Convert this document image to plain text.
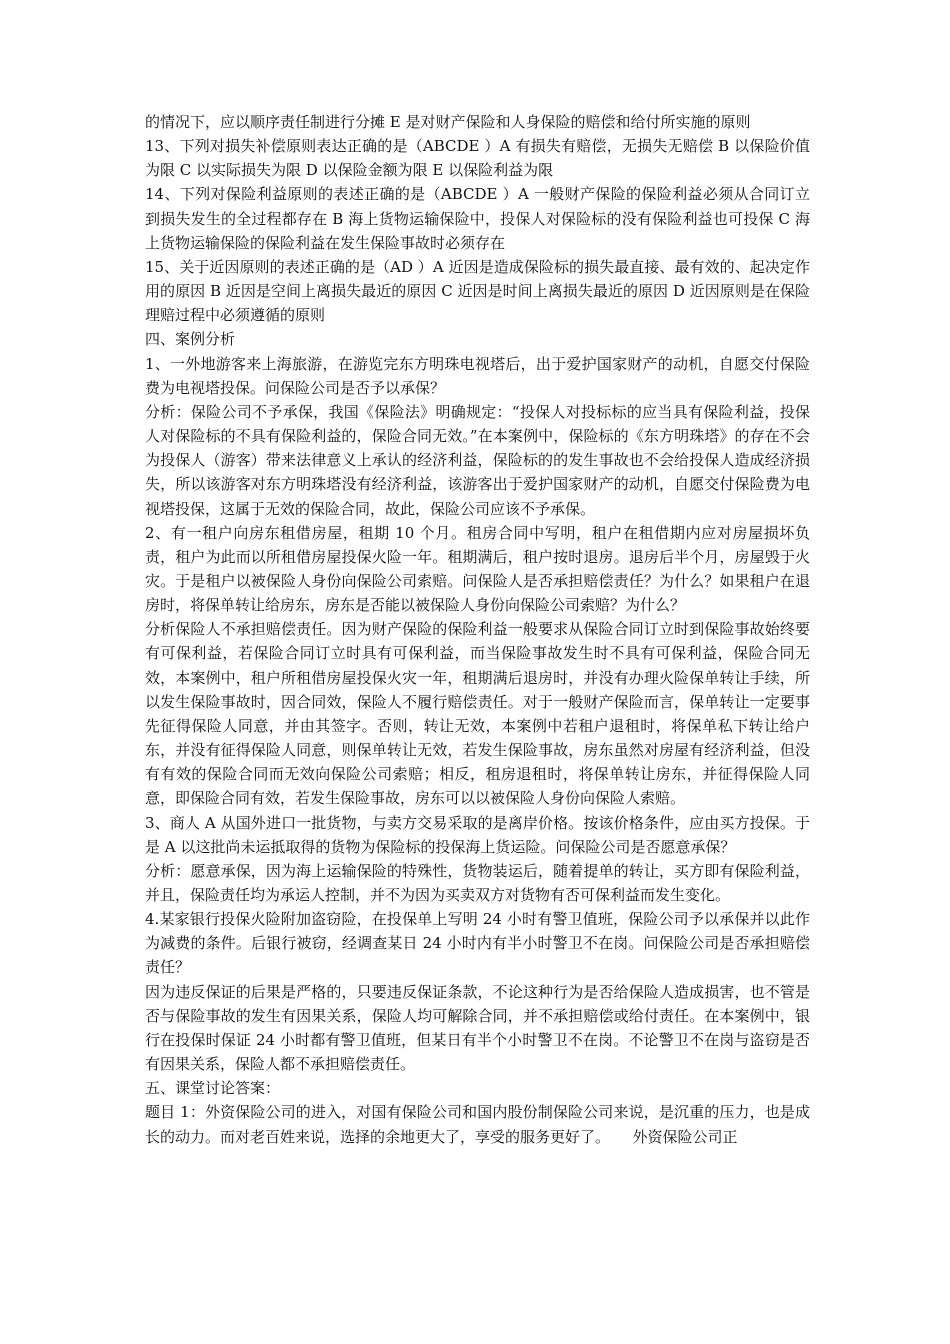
的情况下，应以顺序责任制进行分摊 E 是对财产保险和人身保险的赔偿和给付所实施的原则

13、下列对损失补偿原则表达正确的是（ABCDE ）A 有损失有赔偿，无损失无赔偿 B 以保险价值为限 C 以实际损失为限 D 以保险金额为限 E 以保险利益为限

14、下列对保险利益原则的表述正确的是（ABCDE ）A 一般财产保险的保险利益必须从合同订立到损失发生的全过程都存在 B 海上货物运输保险中，投保人对保险标的没有保险利益也可投保 C 海上货物运输保险的保险利益在发生保险事故时必须存在

15、关于近因原则的表述正确的是（AD ）A 近因是造成保险标的损失最直接、最有效的、起决定作用的原因 B 近因是空间上离损失最近的原因 C 近因是时间上离损失最近的原因 D 近因原则是在保险理赔过程中必须遵循的原则

四、案例分析

1、一外地游客来上海旅游，在游览完东方明珠电视塔后，出于爱护国家财产的动机，自愿交付保险费为电视塔投保。问保险公司是否予以承保？

分析：保险公司不予承保，我国《保险法》明确规定：“投保人对投标标的应当具有保险利益，投保人对保险标的不具有保险利益的，保险合同无效。”在本案例中，保险标的《东方明珠塔》的存在不会为投保人（游客）带来法律意义上承认的经济利益，保险标的的发生事故也不会给投保人造成经济损失，所以该游客对东方明珠塔没有经济利益，该游客出于爱护国家财产的动机，自愿交付保险费为电视塔投保，这属于无效的保险合同，故此，保险公司应该不予承保。

2、有一租户向房东租借房屋，租期 10 个月。租房合同中写明，租户在租借期内应对房屋损坏负责，租户为此而以所租借房屋投保火险一年。租期满后，租户按时退房。退房后半个月，房屋毁于火灾。于是租户以被保险人身份向保险公司索赔。问保险人是否承担赔偿责任？为什么？如果租户在退房时，将保单转让给房东，房东是否能以被保险人身份向保险公司索赔？为什么？

分析保险人不承担赔偿责任。因为财产保险的保险利益一般要求从保险合同订立时到保险事故始终要有可保利益，若保险合同订立时具有可保利益，而当保险事故发生时不具有可保利益，保险合同无效，本案例中，租户所租借房屋投保火灾一年，租期满后退房时，并没有办理火险保单转让手续，所以发生保险事故时，因合同效，保险人不履行赔偿责任。对于一般财产保险而言，保单转让一定要事先征得保险人同意，并由其签字。否则，转让无效，本案例中若租户退租时，将保单私下转让给户东，并没有征得保险人同意，则保单转让无效，若发生保险事故，房东虽然对房屋有经济利益，但没有有效的保险合同而无效向保险公司索赔；相反，租房退租时，将保单转让房东，并征得保险人同意，即保险合同有效，若发生保险事故，房东可以以被保险人身份向保险人索赔。

3、商人 A 从国外进口一批货物，与卖方交易采取的是离岸价格。按该价格条件，应由买方投保。于是 A 以这批尚未运抵取得的货物为保险标的投保海上货运险。问保险公司是否愿意承保？

分析：愿意承保，因为海上运输保险的特殊性，货物装运后，随着提单的转让，买方即有保险利益，并且，保险责任均为承运人控制，并不为因为买卖双方对货物有否可保利益而发生变化。

4.某家银行投保火险附加盗窃险，在投保单上写明 24 小时有警卫值班，保险公司予以承保并以此作为减费的条件。后银行被窃，经调查某日 24 小时内有半小时警卫不在岗。问保险公司是否承担赔偿责任？

因为违反保证的后果是严格的，只要违反保证条款，不论这种行为是否给保险人造成损害，也不管是否与保险事故的发生有因果关系，保险人均可解除合同，并不承担赔偿或给付责任。在本案例中，银行在投保时保证 24 小时都有警卫值班，但某日有半个小时警卫不在岗。不论警卫不在岗与盗窃是否有因果关系，保险人都不承担赔偿责任。

五、课堂讨论答案：

题目 1：外资保险公司的进入，对国有保险公司和国内股份制保险公司来说，是沉重的压力，也是成长的动力。而对老百姓来说，选择的余地更大了，享受的服务更好了。　　外资保险公司正
